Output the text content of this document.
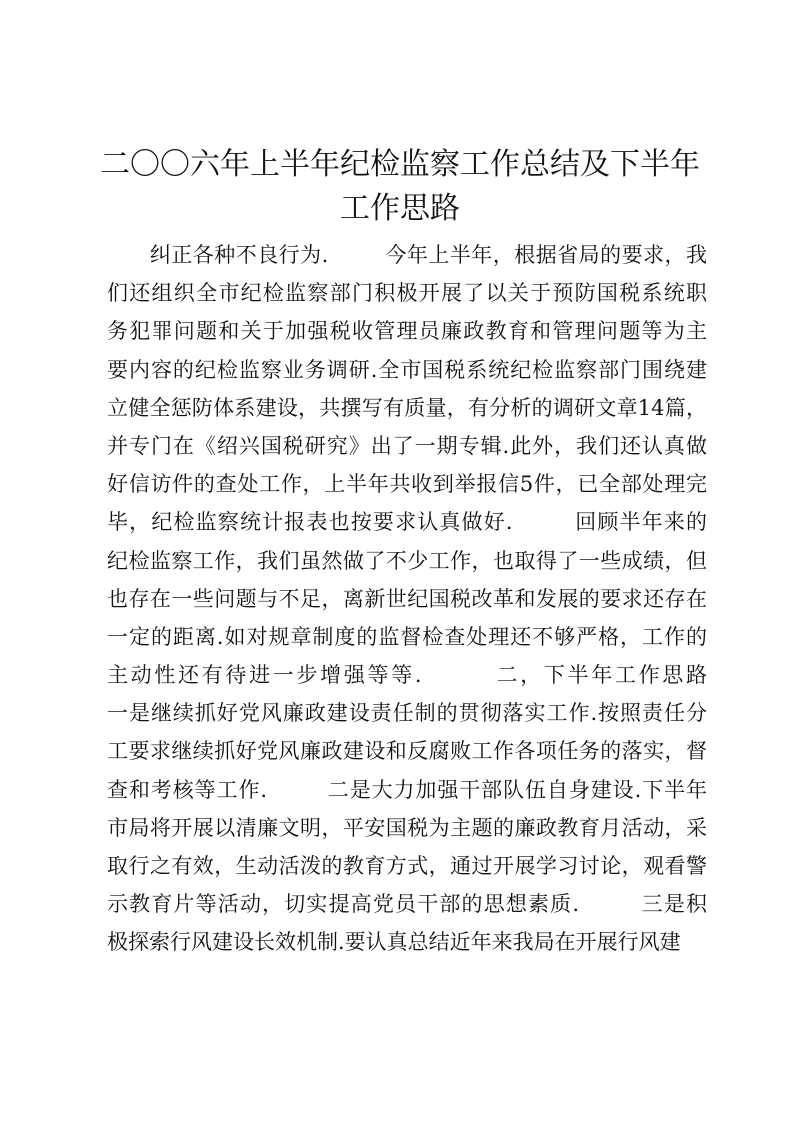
二〇〇六年上半年纪检监察工作总结及下半年
工作思路
纠正各种不良行为.        今年上半年，根据省局的要求，我
们还组织全市纪检监察部门积极开展了以关于预防国税系统职
务犯罪问题和关于加强税收管理员廉政教育和管理问题等为主
要内容的纪检监察业务调研.全市国税系统纪检监察部门围绕建
立健全惩防体系建设，共撰写有质量，有分析的调研文章14篇，
并专门在《绍兴国税研究》出了一期专辑.此外，我们还认真做
好信访件的查处工作，上半年共收到举报信5件，已全部处理完
毕，纪检监察统计报表也按要求认真做好.        回顾半年来的
纪检监察工作，我们虽然做了不少工作，也取得了一些成绩，但
也存在一些问题与不足，离新世纪国税改革和发展的要求还存在
一定的距离.如对规章制度的监督检查处理还不够严格，工作的
主动性还有待进一步增强等等.        二，下半年工作思路
一是继续抓好党风廉政建设责任制的贯彻落实工作.按照责任分
工要求继续抓好党风廉政建设和反腐败工作各项任务的落实，督
查和考核等工作.        二是大力加强干部队伍自身建设.下半年
市局将开展以清廉文明，平安国税为主题的廉政教育月活动，采
取行之有效，生动活泼的教育方式，通过开展学习讨论，观看警
示教育片等活动，切实提高党员干部的思想素质.        三是积
极探索行风建设长效机制.要认真总结近年来我局在开展行风建
